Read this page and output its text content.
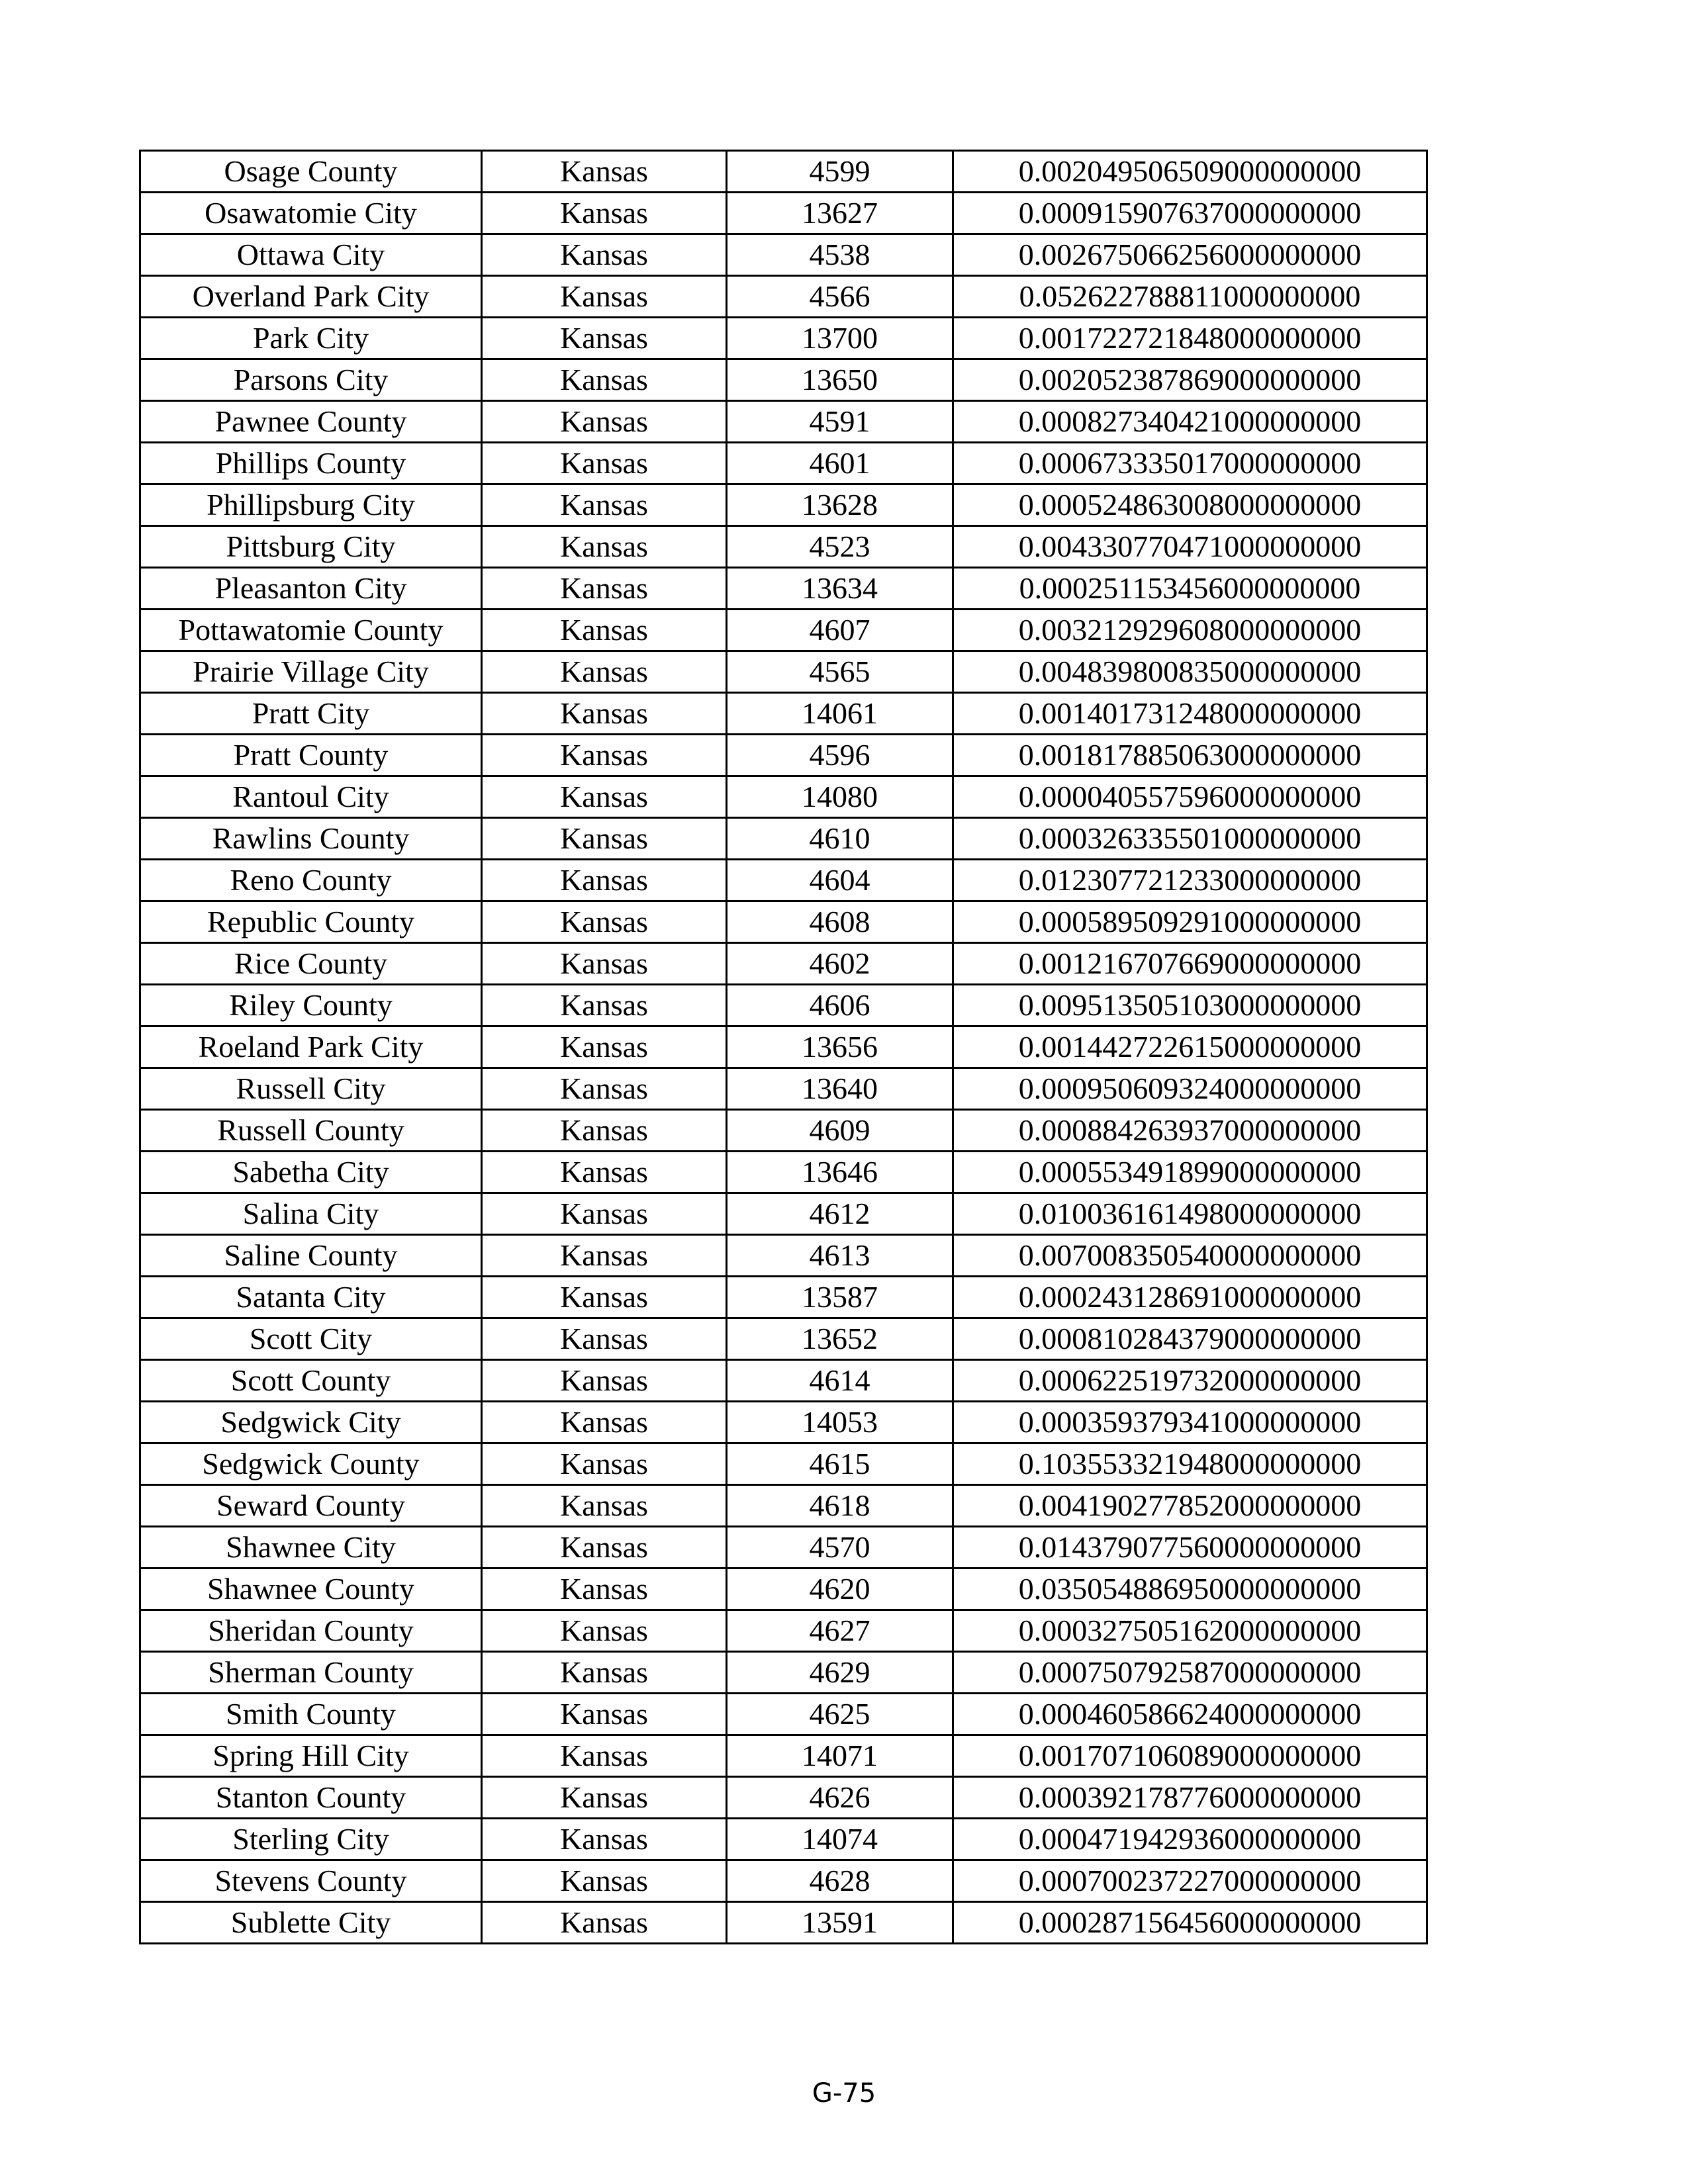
Osage County	Kansas	4599	0.002049506509000000000
Osawatomie City	Kansas	13627	0.000915907637000000000
Ottawa City	Kansas	4538	0.002675066256000000000
Overland Park City	Kansas	4566	0.052622788811000000000
Park City	Kansas	13700	0.001722721848000000000
Parsons City	Kansas	13650	0.002052387869000000000
Pawnee County	Kansas	4591	0.000827340421000000000
Phillips County	Kansas	4601	0.000673335017000000000
Phillipsburg City	Kansas	13628	0.000524863008000000000
Pittsburg City	Kansas	4523	0.004330770471000000000
Pleasanton City	Kansas	13634	0.000251153456000000000
Pottawatomie County	Kansas	4607	0.003212929608000000000
Prairie Village City	Kansas	4565	0.004839800835000000000
Pratt City	Kansas	14061	0.001401731248000000000
Pratt County	Kansas	4596	0.001817885063000000000
Rantoul City	Kansas	14080	0.000040557596000000000
Rawlins County	Kansas	4610	0.000326335501000000000
Reno County	Kansas	4604	0.012307721233000000000
Republic County	Kansas	4608	0.000589509291000000000
Rice County	Kansas	4602	0.001216707669000000000
Riley County	Kansas	4606	0.009513505103000000000
Roeland Park City	Kansas	13656	0.001442722615000000000
Russell City	Kansas	13640	0.000950609324000000000
Russell County	Kansas	4609	0.000884263937000000000
Sabetha City	Kansas	13646	0.000553491899000000000
Salina City	Kansas	4612	0.010036161498000000000
Saline County	Kansas	4613	0.007008350540000000000
Satanta City	Kansas	13587	0.000243128691000000000
Scott City	Kansas	13652	0.000810284379000000000
Scott County	Kansas	4614	0.000622519732000000000
Sedgwick City	Kansas	14053	0.000359379341000000000
Sedgwick County	Kansas	4615	0.103553321948000000000
Seward County	Kansas	4618	0.004190277852000000000
Shawnee City	Kansas	4570	0.014379077560000000000
Shawnee County	Kansas	4620	0.035054886950000000000
Sheridan County	Kansas	4627	0.000327505162000000000
Sherman County	Kansas	4629	0.000750792587000000000
Smith County	Kansas	4625	0.000460586624000000000
Spring Hill City	Kansas	14071	0.001707106089000000000
Stanton County	Kansas	4626	0.000392178776000000000
Sterling City	Kansas	14074	0.000471942936000000000
Stevens County	Kansas	4628	0.000700237227000000000
Sublette City	Kansas	13591	0.000287156456000000000
G-75
